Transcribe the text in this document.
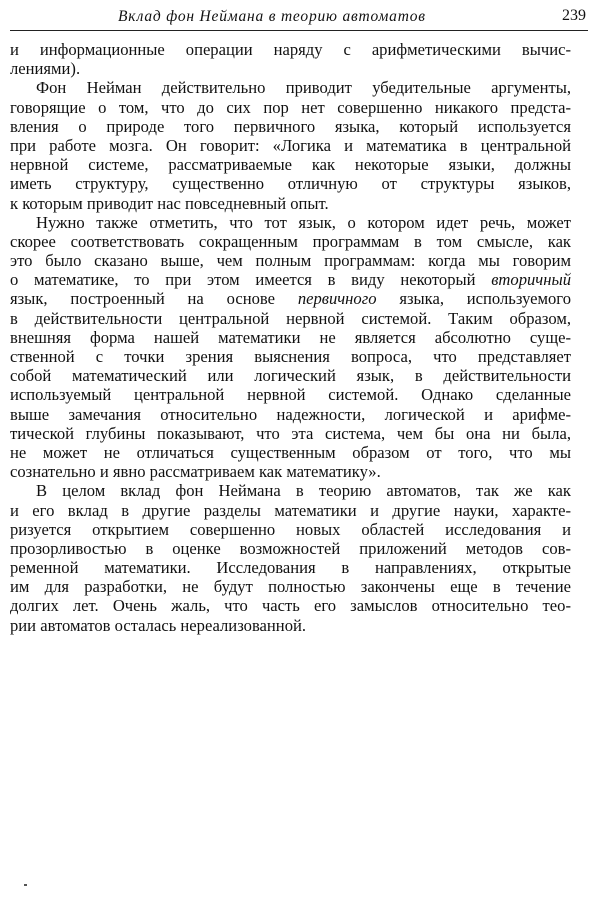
Вклад фон Неймана в теорию автоматов	239
и информационные операции наряду с арифметическими вычис-
лениями).
Фон Нейман действительно приводит убедительные аргументы,
говорящие о том, что до сих пор нет совершенно никакого предста-
вления о природе того первичного языка, который используется
при работе мозга. Он говорит: «Логика и математика в центральной
нервной системе, рассматриваемые как некоторые языки, должны
иметь структуру, существенно отличную от структуры языков,
к которым приводит нас повседневный опыт.
Нужно также отметить, что тот язык, о котором идет речь, может
скорее соответствовать сокращенным программам в том смысле, как
это было сказано выше, чем полным программам: когда мы говорим
о математике, то при этом имеется в виду некоторый вторичный
язык, построенный на основе первичного языка, используемого
в действительности центральной нервной системой. Таким образом,
внешняя форма нашей математики не является абсолютно суще-
ственной с точки зрения выяснения вопроса, что представляет
собой математический или логический язык, в действительности
используемый центральной нервной системой. Однако сделанные
выше замечания относительно надежности, логической и арифме-
тической глубины показывают, что эта система, чем бы она ни была,
не может не отличаться существенным образом от того, что мы
сознательно и явно рассматриваем как математику».
В целом вклад фон Неймана в теорию автоматов, так же как
и его вклад в другие разделы математики и другие науки, характе-
ризуется открытием совершенно новых областей исследования и
прозорливостью в оценке возможностей приложений методов сов-
ременной математики. Исследования в направлениях, открытые
им для разработки, не будут полностью закончены еще в течение
долгих лет. Очень жаль, что часть его замыслов относительно тео-
рии автоматов осталась нереализованной.
